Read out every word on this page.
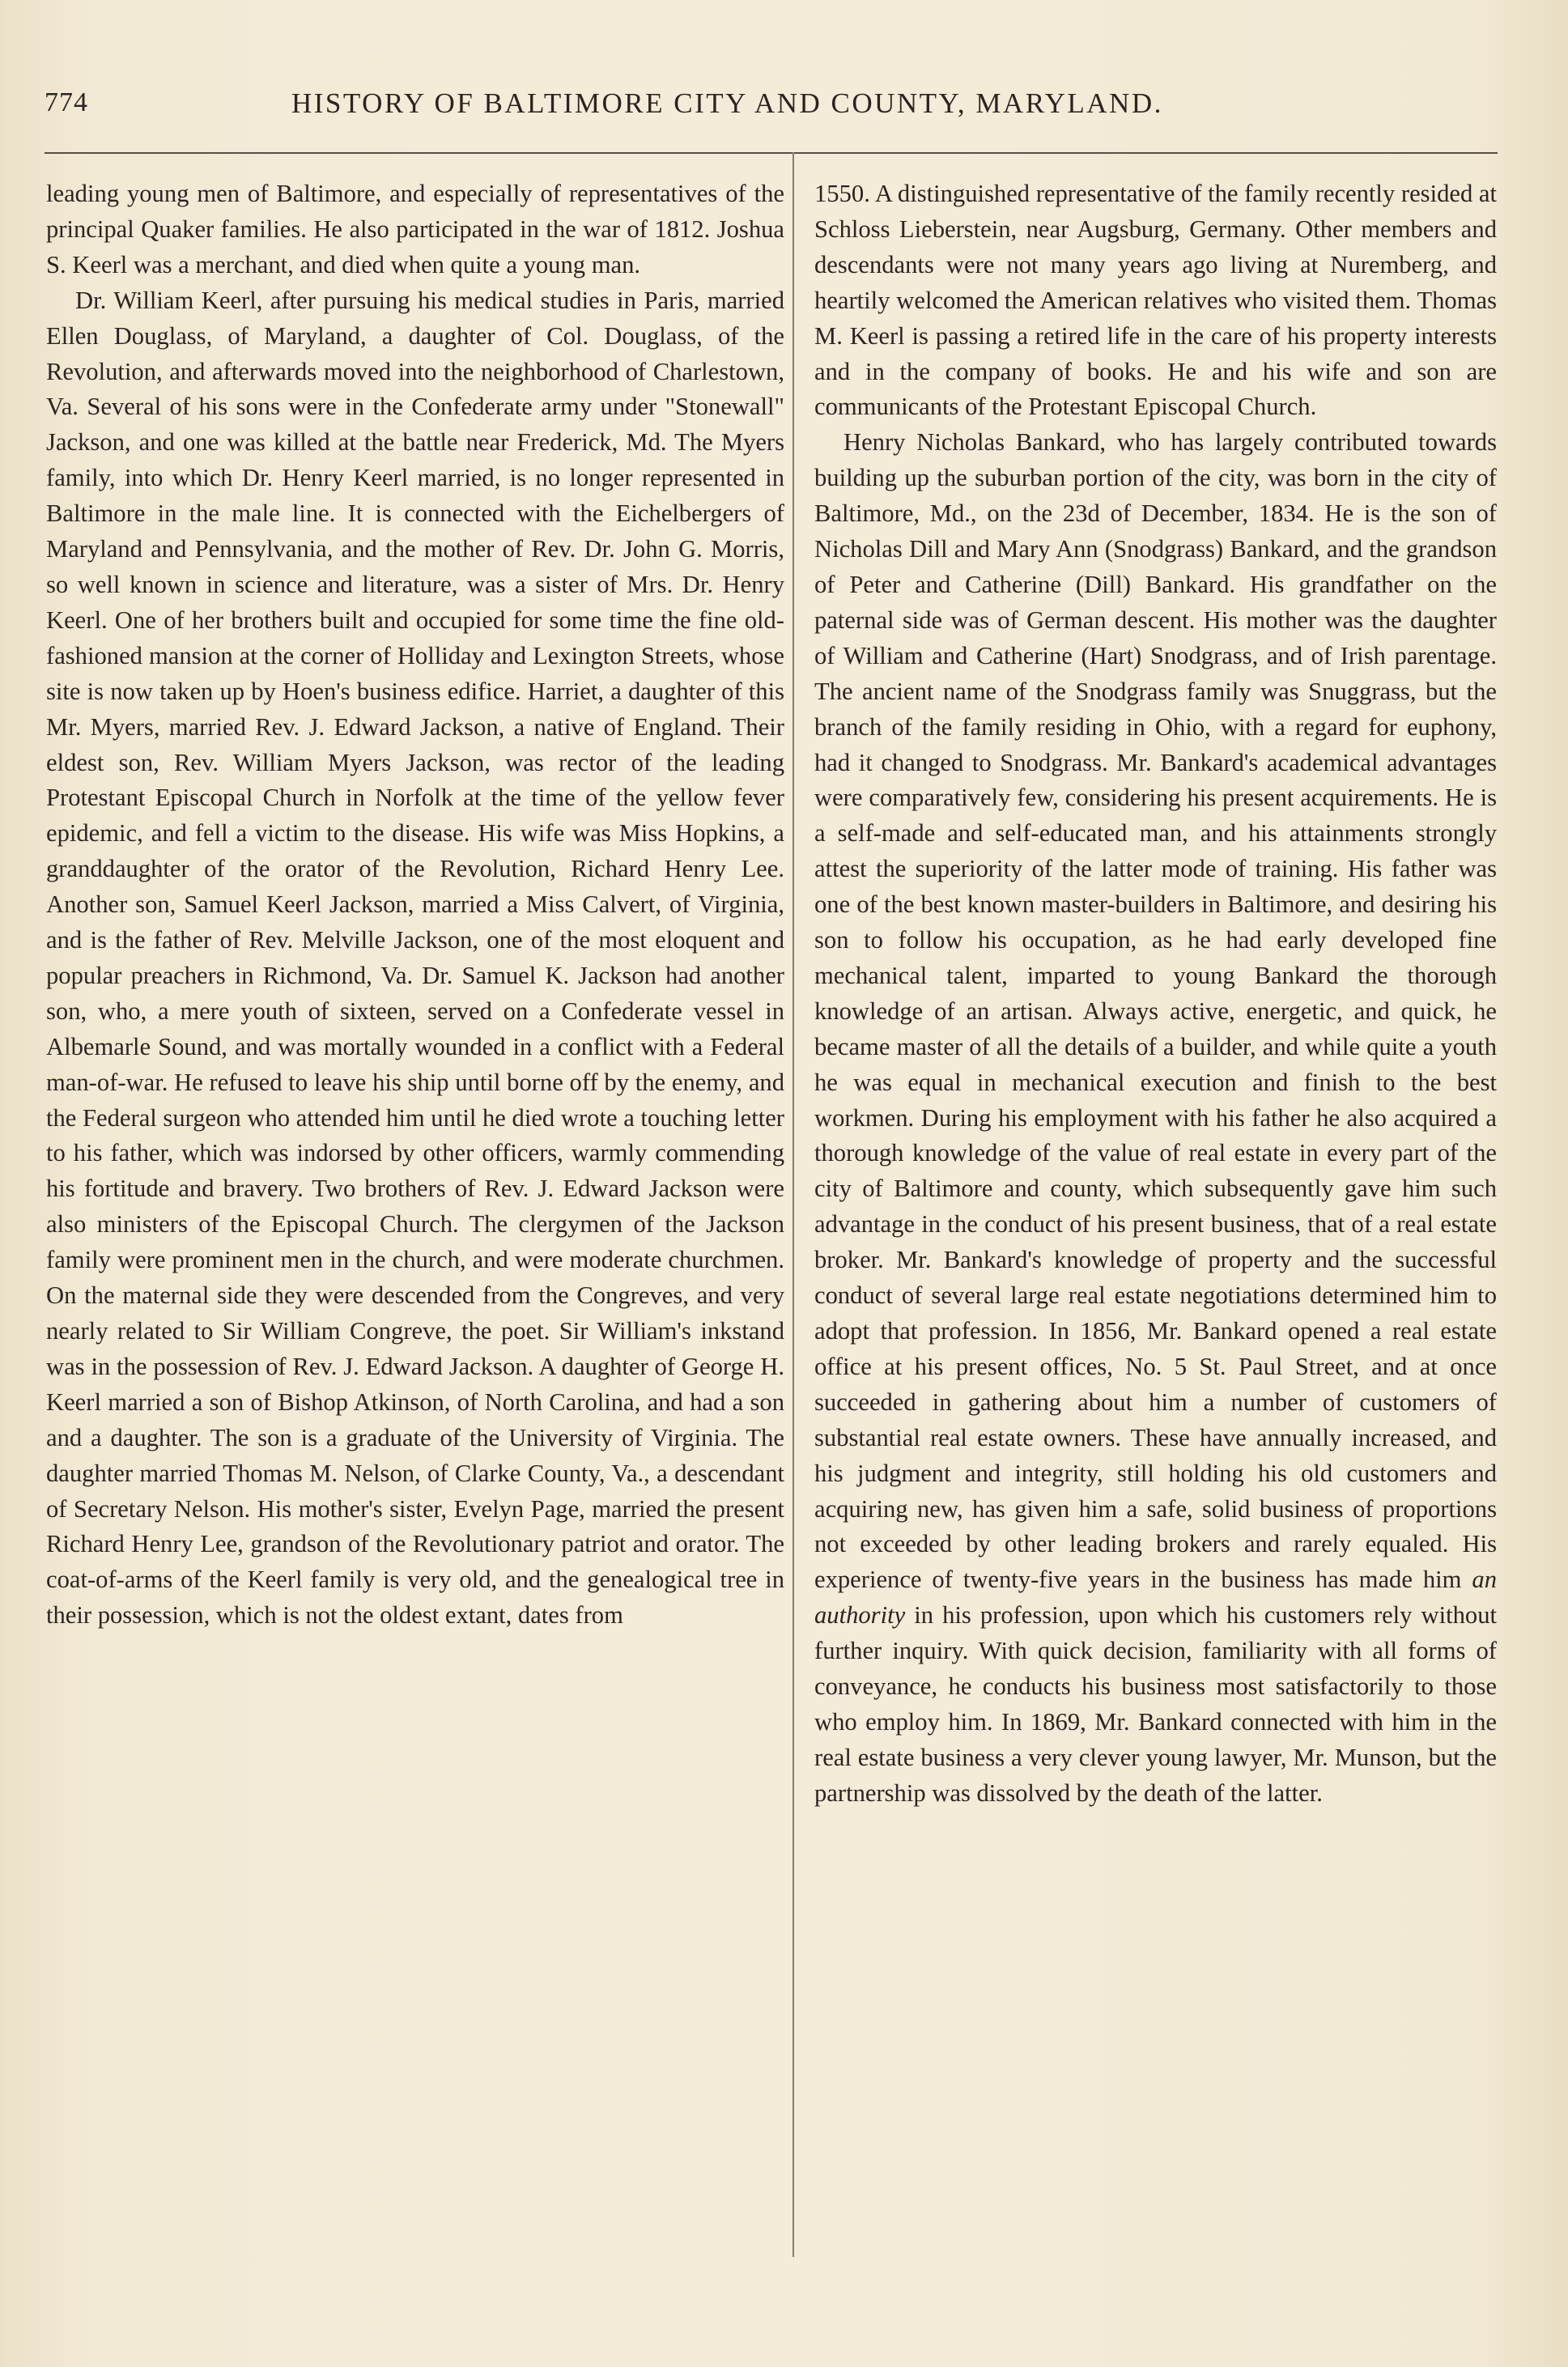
774	HISTORY OF BALTIMORE CITY AND COUNTY, MARYLAND.

leading young men of Baltimore, and especially of representatives of the principal Quaker families. He also participated in the war of 1812. Joshua S. Keerl was a merchant, and died when quite a young man.

Dr. William Keerl, after pursuing his medical studies in Paris, married Ellen Douglass, of Maryland, a daughter of Col. Douglass, of the Revolution, and afterwards moved into the neighborhood of Charlestown, Va. Several of his sons were in the Confederate army under "Stonewall" Jackson, and one was killed at the battle near Frederick, Md. The Myers family, into which Dr. Henry Keerl married, is no longer represented in Baltimore in the male line. It is connected with the Eichelbergers of Maryland and Pennsylvania, and the mother of Rev. Dr. John G. Morris, so well known in science and literature, was a sister of Mrs. Dr. Henry Keerl. One of her brothers built and occupied for some time the fine old-fashioned mansion at the corner of Holliday and Lexington Streets, whose site is now taken up by Hoen's business edifice. Harriet, a daughter of this Mr. Myers, married Rev. J. Edward Jackson, a native of England. Their eldest son, Rev. William Myers Jackson, was rector of the leading Protestant Episcopal Church in Norfolk at the time of the yellow fever epidemic, and fell a victim to the disease. His wife was Miss Hopkins, a granddaughter of the orator of the Revolution, Richard Henry Lee. Another son, Samuel Keerl Jackson, married a Miss Calvert, of Virginia, and is the father of Rev. Melville Jackson, one of the most eloquent and popular preachers in Richmond, Va. Dr. Samuel K. Jackson had another son, who, a mere youth of sixteen, served on a Confederate vessel in Albemarle Sound, and was mortally wounded in a conflict with a Federal man-of-war. He refused to leave his ship until borne off by the enemy, and the Federal surgeon who attended him until he died wrote a touching letter to his father, which was indorsed by other officers, warmly commending his fortitude and bravery. Two brothers of Rev. J. Edward Jackson were also ministers of the Episcopal Church. The clergymen of the Jackson family were prominent men in the church, and were moderate churchmen. On the maternal side they were descended from the Congreves, and very nearly related to Sir William Congreve, the poet. Sir William's inkstand was in the possession of Rev. J. Edward Jackson. A daughter of George H. Keerl married a son of Bishop Atkinson, of North Carolina, and had a son and a daughter. The son is a graduate of the University of Virginia. The daughter married Thomas M. Nelson, of Clarke County, Va., a descendant of Secretary Nelson. His mother's sister, Evelyn Page, married the present Richard Henry Lee, grandson of the Revolutionary patriot and orator. The coat-of-arms of the Keerl family is very old, and the genealogical tree in their possession, which is not the oldest extant, dates from

1550. A distinguished representative of the family recently resided at Schloss Lieberstein, near Augsburg, Germany. Other members and descendants were not many years ago living at Nuremberg, and heartily welcomed the American relatives who visited them. Thomas M. Keerl is passing a retired life in the care of his property interests and in the company of books. He and his wife and son are communicants of the Protestant Episcopal Church.

Henry Nicholas Bankard, who has largely contributed towards building up the suburban portion of the city, was born in the city of Baltimore, Md., on the 23d of December, 1834. He is the son of Nicholas Dill and Mary Ann (Snodgrass) Bankard, and the grandson of Peter and Catherine (Dill) Bankard. His grandfather on the paternal side was of German descent. His mother was the daughter of William and Catherine (Hart) Snodgrass, and of Irish parentage. The ancient name of the Snodgrass family was Snuggrass, but the branch of the family residing in Ohio, with a regard for euphony, had it changed to Snodgrass. Mr. Bankard's academical advantages were comparatively few, considering his present acquirements. He is a self-made and self-educated man, and his attainments strongly attest the superiority of the latter mode of training. His father was one of the best known master-builders in Baltimore, and desiring his son to follow his occupation, as he had early developed fine mechanical talent, imparted to young Bankard the thorough knowledge of an artisan. Always active, energetic, and quick, he became master of all the details of a builder, and while quite a youth he was equal in mechanical execution and finish to the best workmen. During his employment with his father he also acquired a thorough knowledge of the value of real estate in every part of the city of Baltimore and county, which subsequently gave him such advantage in the conduct of his present business, that of a real estate broker. Mr. Bankard's knowledge of property and the successful conduct of several large real estate negotiations determined him to adopt that profession. In 1856, Mr. Bankard opened a real estate office at his present offices, No. 5 St. Paul Street, and at once succeeded in gathering about him a number of customers of substantial real estate owners. These have annually increased, and his judgment and integrity, still holding his old customers and acquiring new, has given him a safe, solid business of proportions not exceeded by other leading brokers and rarely equaled. His experience of twenty-five years in the business has made him an authority in his profession, upon which his customers rely without further inquiry. With quick decision, familiarity with all forms of conveyance, he conducts his business most satisfactorily to those who employ him. In 1869, Mr. Bankard connected with him in the real estate business a very clever young lawyer, Mr. Munson, but the partnership was dissolved by the death of the latter.
